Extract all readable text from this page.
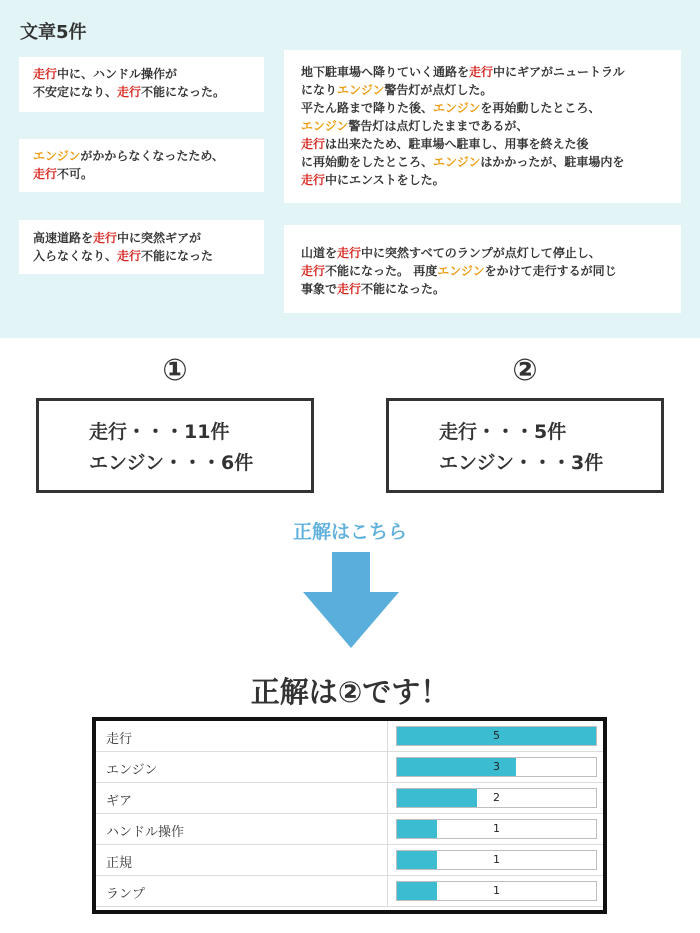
文章5件
走行中に、ハンドル操作が
不安定になり、走行不能になった。
エンジンがかからなくなったため、
走行不可。
高速道路を走行中に突然ギアが
入らなくなり、走行不能になった
地下駐車場へ降りていく通路を走行中にギアがニュートラル
になりエンジン警告灯が点灯した。
平たん路まで降りた後、エンジンを再始動したところ、
エンジン警告灯は点灯したままであるが、
走行は出来たため、駐車場へ駐車し、用事を終えた後
に再始動をしたところ、エンジンはかかったが、駐車場内を
走行中にエンストをした。
山道を走行中に突然すべてのランプが点灯して停止し、
走行不能になった。 再度エンジンをかけて走行するが同じ
事象で走行不能になった。
①
走行・・・11件
エンジン・・・6件
②
走行・・・5件
エンジン・・・3件
正解はこちら
正解は②です！
走行	5
エンジン	3
ギア	2
ハンドル操作	1
正規	1
ランプ	1
